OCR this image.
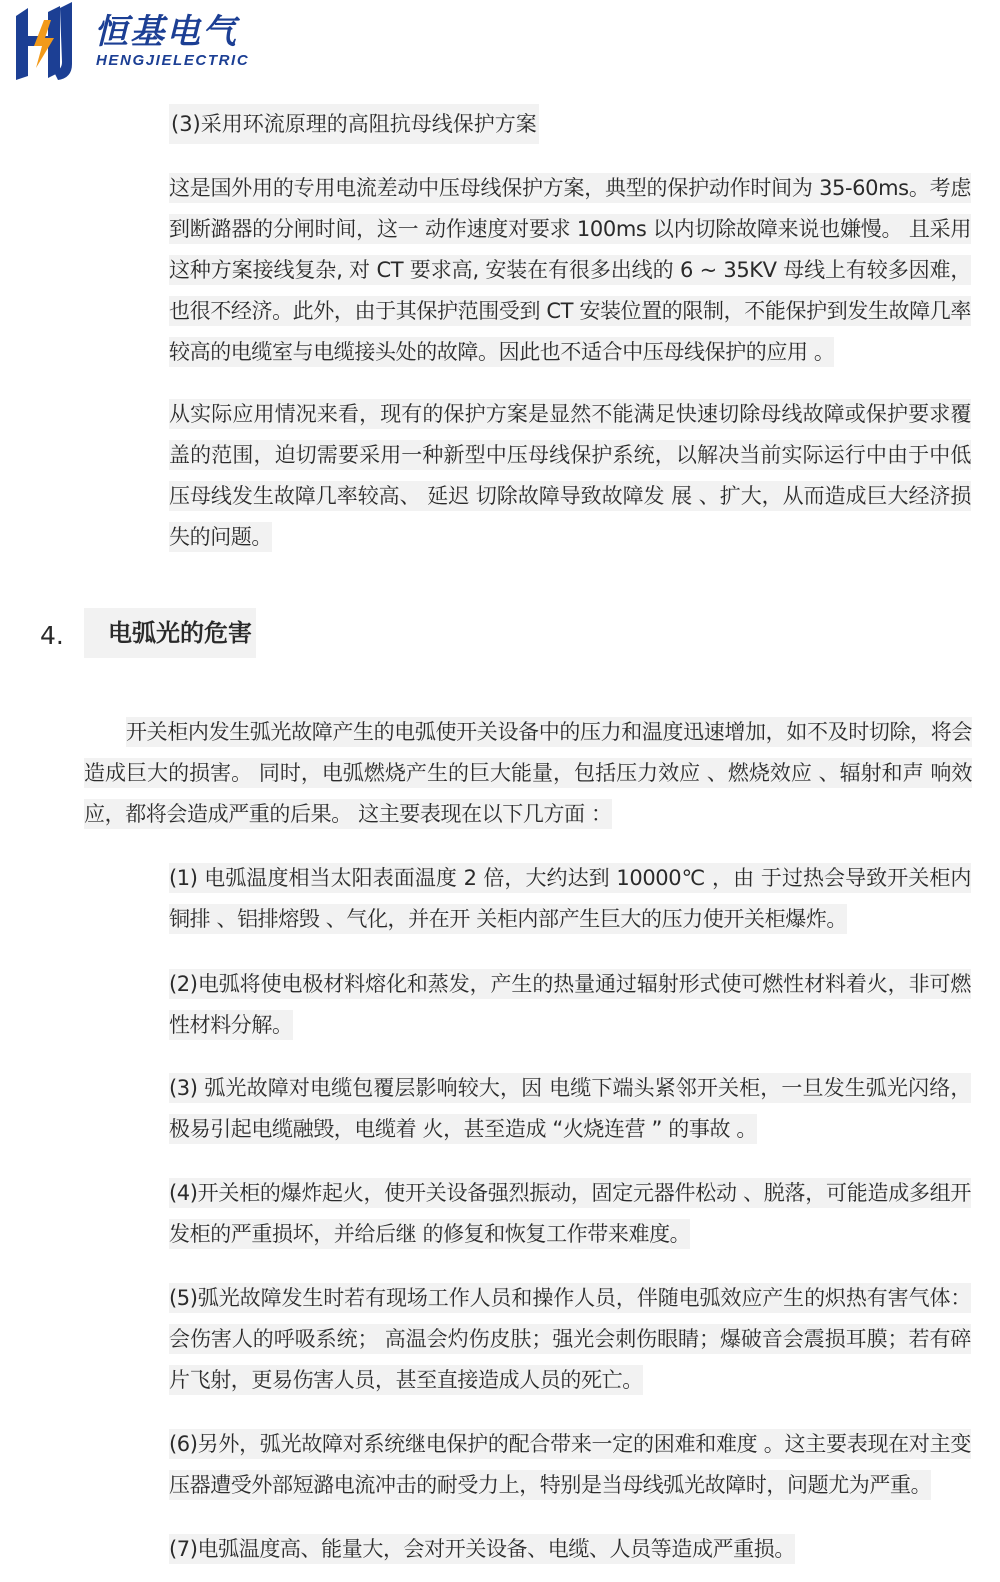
恒基电气
HENGJIELECTRIC
(3)采用环流原理的高阻抗母线保护方案

这是国外用的专用电流差动中压母线保护方案，典型的保护动作时间为 35-60ms。考虑到断潞器的分闸时间，这一 动作速度对要求 100ms 以内切除故障来说也嫌慢。 且采用这种方案接线复杂, 对 CT 要求高, 安装在有很多出线的 6 ~ 35KV 母线上有较多因难，也很不经济。此外，由于其保护范围受到 CT 安装位置的限制，不能保护到发生故障几率 较高的电缆室与电缆接头处的故障。因此也不适合中压母线保护的应用 。

从实际应用情况来看，现有的保护方案是显然不能满足快速切除母线故障或保护要求覆盖的范围，迫切需要采用一种新型中压母线保护系统，以解决当前实际运行中由于中低压母线发生故障几率较高、 延迟 切除故障导致故障发 展 、扩大，从而造成巨大经济损失的问题。

4.	电弧光的危害

开关柜内发生弧光故障产生的电弧使开关设备中的压力和温度迅速增加，如不及时切除，将会造成巨大的损害。 同时，电弧燃烧产生的巨大能量，包括压力效应 、燃烧效应 、辐射和声 响效应，都将会造成严重的后果。 这主要表现在以下几方面 ：

(1) 电弧温度相当太阳表面温度 2 倍，大约达到 10000℃ ，由 于过热会导致开关柜内铜排 、铝排熔毁 、气化，并在开 关柜内部产生巨大的压力使开关柜爆炸。

(2)电弧将使电极材料熔化和蒸发，产生的热量通过辐射形式使可燃性材料着火，非可燃性材料分解。

(3) 弧光故障对电缆包覆层影响较大，因 电缆下端头紧邻开关柜，一旦发生弧光闪络，极易引起电缆融毁，电缆着 火，甚至造成 “火烧连营 ” 的事故 。

(4)开关柜的爆炸起火，使开关设备强烈振动，固定元器件松动 、脱落，可能造成多组开发柜的严重损坏，并给后继 的修复和恢复工作带来难度。

(5)弧光故障发生时若有现场工作人员和操作人员，伴随电弧效应产生的炽热有害气体：会伤害人的呼吸系统； 高温会灼伤皮肤；强光会刺伤眼睛；爆破音会震损耳膜；若有碎片飞射，更易伤害人员，甚至直接造成人员的死亡。

(6)另外，弧光故障对系统继电保护的配合带来一定的困难和难度 。这主要表现在对主变压器遭受外部短潞电流冲击的耐受力上，特别是当母线弧光故障时，问题尤为严重。

(7)电弧温度高、能量大，会对开关设备、电缆、人员等造成严重损。
